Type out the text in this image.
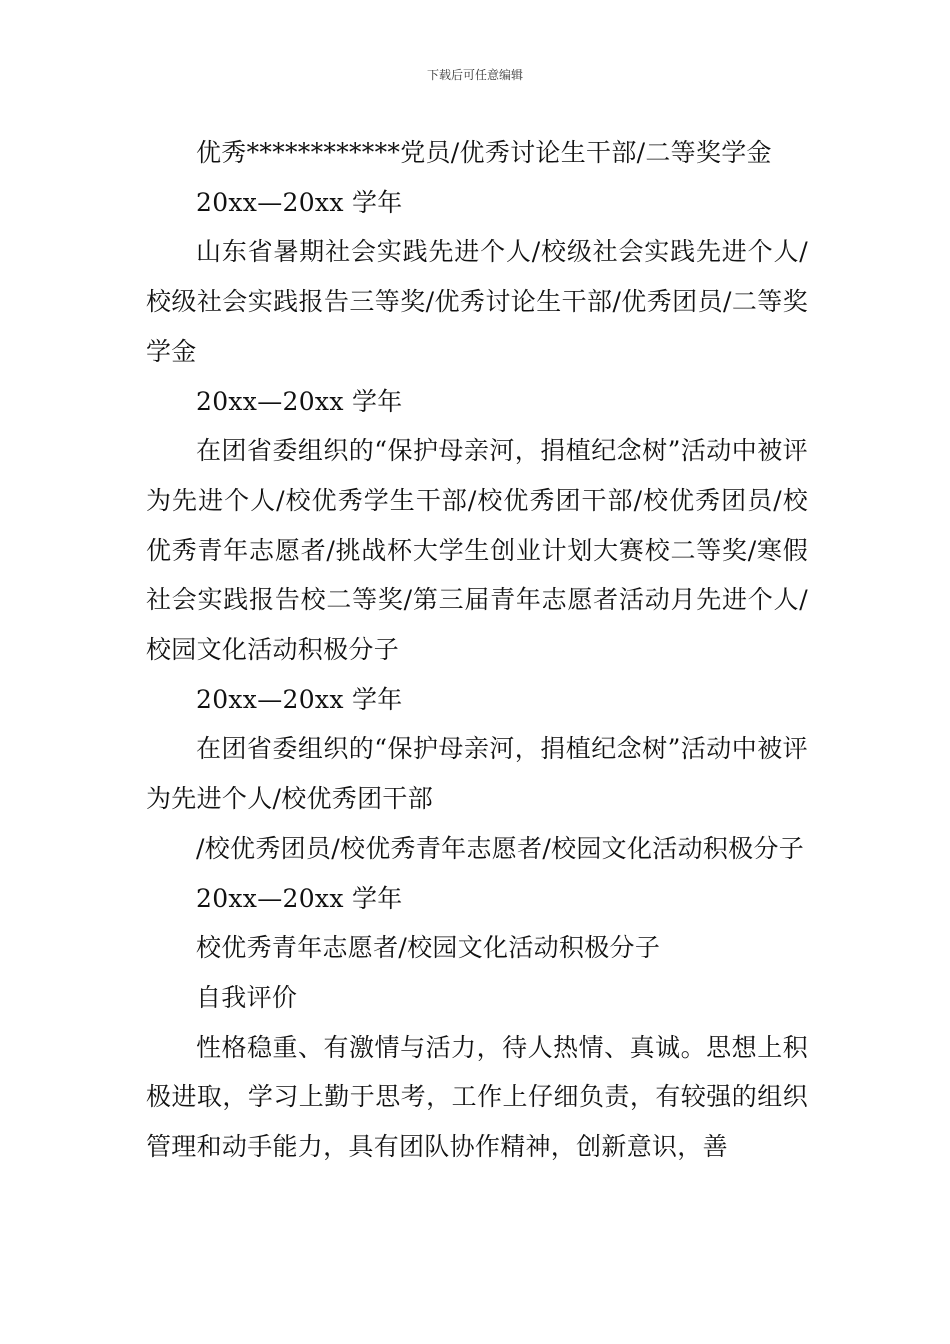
下载后可任意编辑

优秀************党员/优秀讨论生干部/二等奖学金

20xx—20xx 学年

山东省暑期社会实践先进个人/校级社会实践先进个人/校级社会实践报告三等奖/优秀讨论生干部/优秀团员/二等奖学金

20xx—20xx 学年

在团省委组织的“保护母亲河，捐植纪念树”活动中被评为先进个人/校优秀学生干部/校优秀团干部/校优秀团员/校优秀青年志愿者/挑战杯大学生创业计划大赛校二等奖/寒假社会实践报告校二等奖/第三届青年志愿者活动月先进个人/校园文化活动积极分子

20xx—20xx 学年

在团省委组织的“保护母亲河，捐植纪念树”活动中被评为先进个人/校优秀团干部

/校优秀团员/校优秀青年志愿者/校园文化活动积极分子

20xx—20xx 学年

校优秀青年志愿者/校园文化活动积极分子

自我评价

性格稳重、有激情与活力，待人热情、真诚。思想上积极进取，学习上勤于思考，工作上仔细负责，有较强的组织管理和动手能力，具有团队协作精神，创新意识，善
